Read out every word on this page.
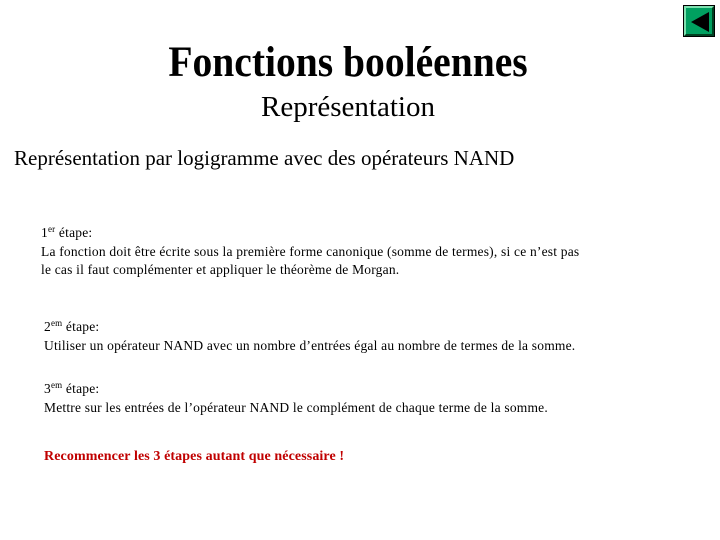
Fonctions booléennes
Représentation
Représentation par logigramme avec des opérateurs NAND

1er étape:

La fonction doit être écrite sous la première forme canonique (somme de termes), si ce n’est pas

le cas il faut complémenter et appliquer le théorème de Morgan.

$2^{em}$ étape:

Utiliser un opérateur NAND avec un nombre d’entrées égal au nombre de termes de la somme.

$3^{em}$ étape:

Mettre sur les entrées de l’opérateur NAND le complément de chaque terme de la somme.

Recommencer les 3 étapes autant que nécessaire !
